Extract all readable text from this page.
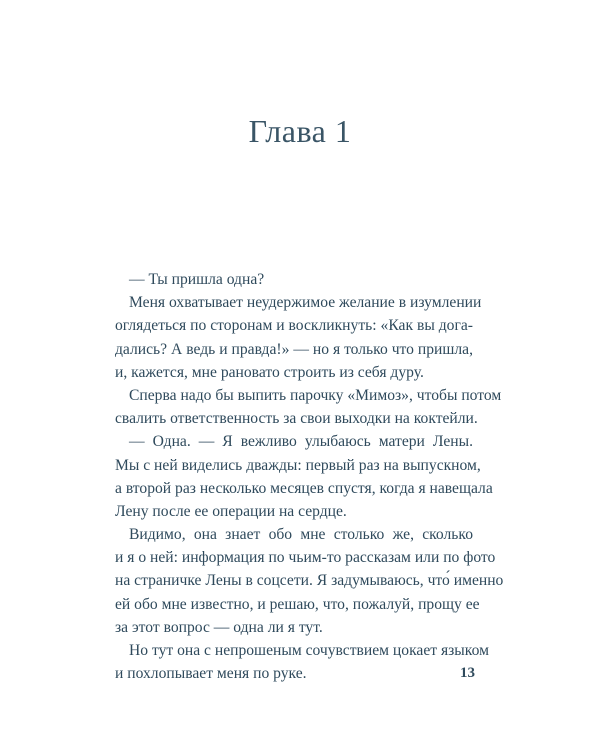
Глава 1
— Ты пришла одна?
Меня охватывает неудержимое желание в изумлении
оглядеться по сторонам и воскликнуть: «Как вы дога-
дались? А ведь и правда!» — но я только что пришла,
и, кажется, мне рановато строить из себя дуру.
Сперва надо бы выпить парочку «Мимоз», чтобы потом
свалить ответственность за свои выходки на коктейли.
— Одна. — Я вежливо улыбаюсь матери Лены.
Мы с ней виделись дважды: первый раз на выпускном,
а второй раз несколько месяцев спустя, когда я навещала
Лену после ее операции на сердце.
Видимо, она знает обо мне столько же, сколько
и я о ней: информация по чьим-то рассказам или по фото
на страничке Лены в соцсети. Я задумываюсь, что́ именно
ей обо мне известно, и решаю, что, пожалуй, прощу ее
за этот вопрос — одна ли я тут.
Но тут она с непрошеным сочувствием цокает языком
и похлопывает меня по руке.	13
